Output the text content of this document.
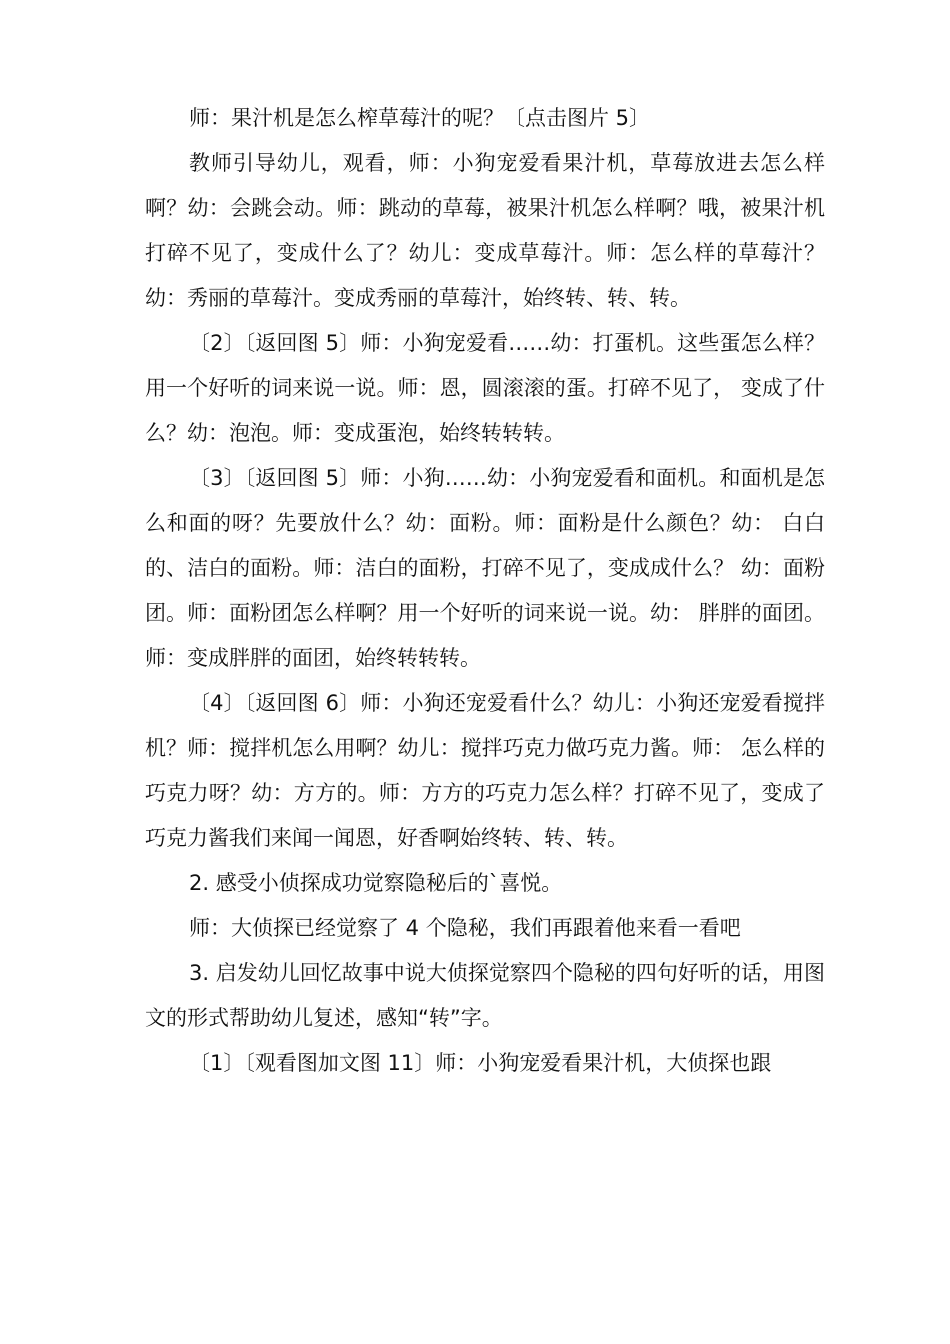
师：果汁机是怎么榨草莓汁的呢？〔点击图片 5〕

教师引导幼儿，观看，师：小狗宠爱看果汁机，草莓放进去怎么样啊？幼：会跳会动。师：跳动的草莓，被果汁机怎么样啊？哦，被果汁机打碎不见了，变成什么了？幼儿：变成草莓汁。师：怎么样的草莓汁？幼：秀丽的草莓汁。变成秀丽的草莓汁，始终转、转、转。

〔2〕〔返回图 5〕师：小狗宠爱看……幼：打蛋机。这些蛋怎么样？用一个好听的词来说一说。师：恩，圆滚滚的蛋。打碎不见了， 变成了什么？幼：泡泡。师：变成蛋泡，始终转转转。

〔3〕〔返回图 5〕师：小狗……幼：小狗宠爱看和面机。和面机是怎么和面的呀？先要放什么？幼：面粉。师：面粉是什么颜色？幼： 白白的、洁白的面粉。师：洁白的面粉，打碎不见了，变成成什么？ 幼：面粉团。师：面粉团怎么样啊？用一个好听的词来说一说。幼： 胖胖的面团。师：变成胖胖的面团，始终转转转。

〔4〕〔返回图 6〕师：小狗还宠爱看什么？幼儿：小狗还宠爱看搅拌机？师：搅拌机怎么用啊？幼儿：搅拌巧克力做巧克力酱。师： 怎么样的巧克力呀？幼：方方的。师：方方的巧克力怎么样？打碎不见了，变成了巧克力酱我们来闻一闻恩，好香啊始终转、转、转。

2. 感受小侦探成功觉察隐秘后的`喜悦。

师：大侦探已经觉察了 4 个隐秘，我们再跟着他来看一看吧

3. 启发幼儿回忆故事中说大侦探觉察四个隐秘的四句好听的话，用图文的形式帮助幼儿复述，感知“转”字。

〔1〕〔观看图加文图 11〕师：小狗宠爱看果汁机，大侦探也跟
